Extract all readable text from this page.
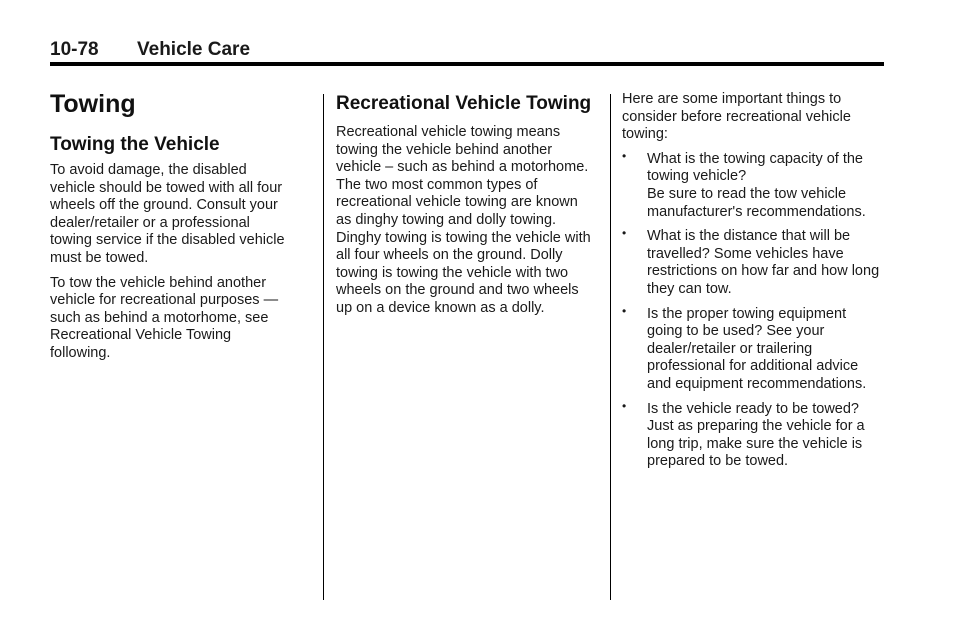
10-78 Vehicle Care
Towing
Towing the Vehicle

To avoid damage, the disabled vehicle should be towed with all four wheels off the ground. Consult your dealer/retailer or a professional towing service if the disabled vehicle must be towed.

To tow the vehicle behind another vehicle for recreational purposes — such as behind a motorhome, see Recreational Vehicle Towing following.

Recreational Vehicle Towing

Recreational vehicle towing means towing the vehicle behind another vehicle – such as behind a motorhome. The two most common types of recreational vehicle towing are known as dinghy towing and dolly towing. Dinghy towing is towing the vehicle with all four wheels on the ground. Dolly towing is towing the vehicle with two wheels on the ground and two wheels up on a device known as a dolly.

Here are some important things to consider before recreational vehicle towing:

• What is the towing capacity of the towing vehicle?
Be sure to read the tow vehicle manufacturer's recommendations.
• What is the distance that will be travelled? Some vehicles have restrictions on how far and how long they can tow.
• Is the proper towing equipment going to be used? See your dealer/retailer or trailering professional for additional advice and equipment recommendations.
• Is the vehicle ready to be towed? Just as preparing the vehicle for a long trip, make sure the vehicle is prepared to be towed.
